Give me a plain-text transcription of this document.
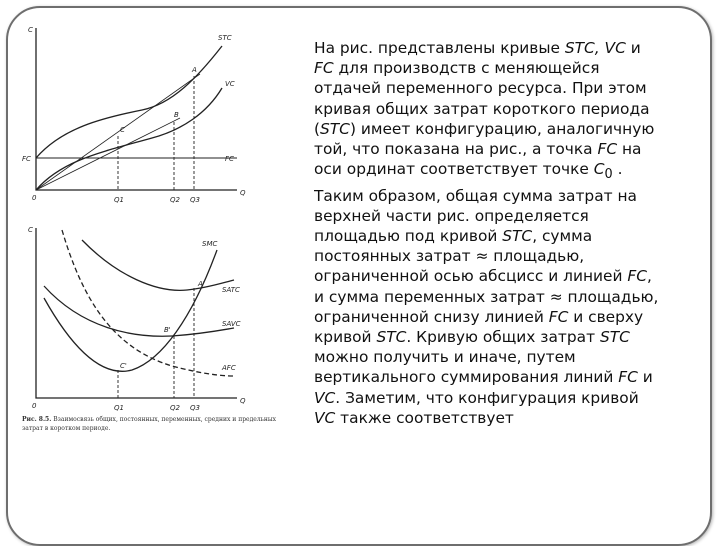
C
Q
0
STC
VC
FC	FC
A
B
C
Q1	Q2 Q3
C
Q
0
SMC
SATC
SAVC
AFC
A'
B'
C'
Q1	Q2 Q3
Рис. 8.5. Взаимосвязь общих, постоянных, переменных, средних и предельных затрат в коротком периоде.

На рис. представлены кривые STC, VC и FC для производств с меняющейся отдачей переменного ресурса. При этом кривая общих затрат короткого периода (STC) имеет конфигурацию, аналогичную той, что показана на рис., а точка FC на оси ординат соответствует точке $C_0$ . Таким образом, общая сумма затрат на верхней части рис. определяется площадью под кривой STC, сумма постоянных затрат ≈ площадью, ограниченной осью абсцисс и линией FC, и сумма переменных затрат ≈ площадью, ограниченной снизу линией FC и сверху кривой STC. Кривую общих затрат STC можно получить и иначе, путем вертикального суммирования линий FC и VC. Заметим, что конфигурация кривой VC также соответствует
